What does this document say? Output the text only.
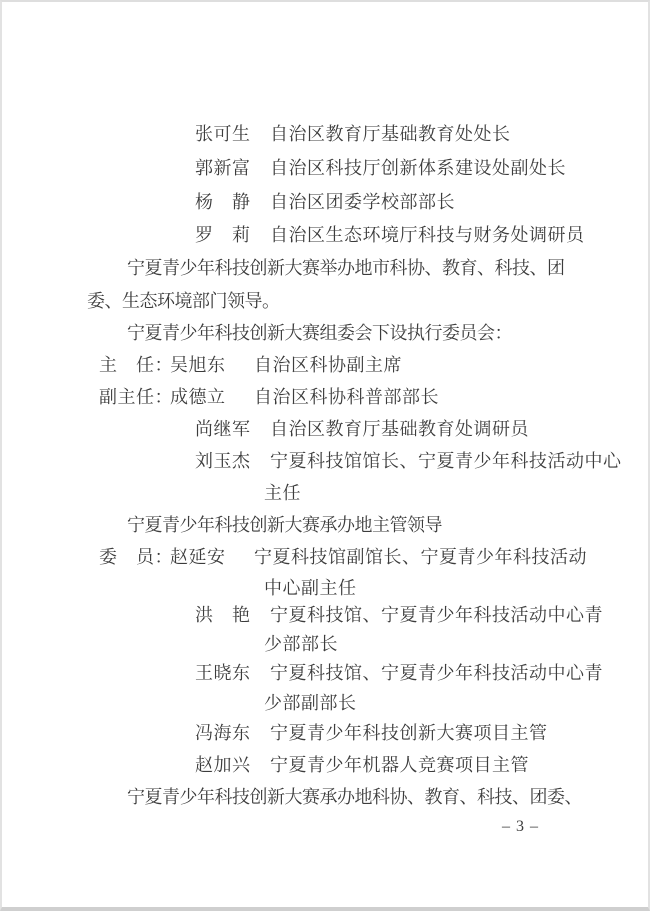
张可生 自治区教育厅基础教育处处长
郭新富 自治区科技厅创新体系建设处副处长
杨　静 自治区团委学校部部长
罗　莉 自治区生态环境厅科技与财务处调研员
宁夏青少年科技创新大赛举办地市科协、教育、科技、团
委、生态环境部门领导。
宁夏青少年科技创新大赛组委会下设执行委员会：
主　任：
吴旭东 自治区科协副主席
副主任：
成德立 自治区科协科普部部长
尚继军 自治区教育厅基础教育处调研员
刘玉杰 宁夏科技馆馆长、宁夏青少年科技活动中心
主任
宁夏青少年科技创新大赛承办地主管领导
委　员：
赵延安 宁夏科技馆副馆长、宁夏青少年科技活动
中心副主任
洪　艳 宁夏科技馆、宁夏青少年科技活动中心青
少部部长
王晓东 宁夏科技馆、宁夏青少年科技活动中心青
少部副部长
冯海东 宁夏青少年科技创新大赛项目主管
赵加兴 宁夏青少年机器人竞赛项目主管
宁夏青少年科技创新大赛承办地科协、教育、科技、团委、
– 3 –
